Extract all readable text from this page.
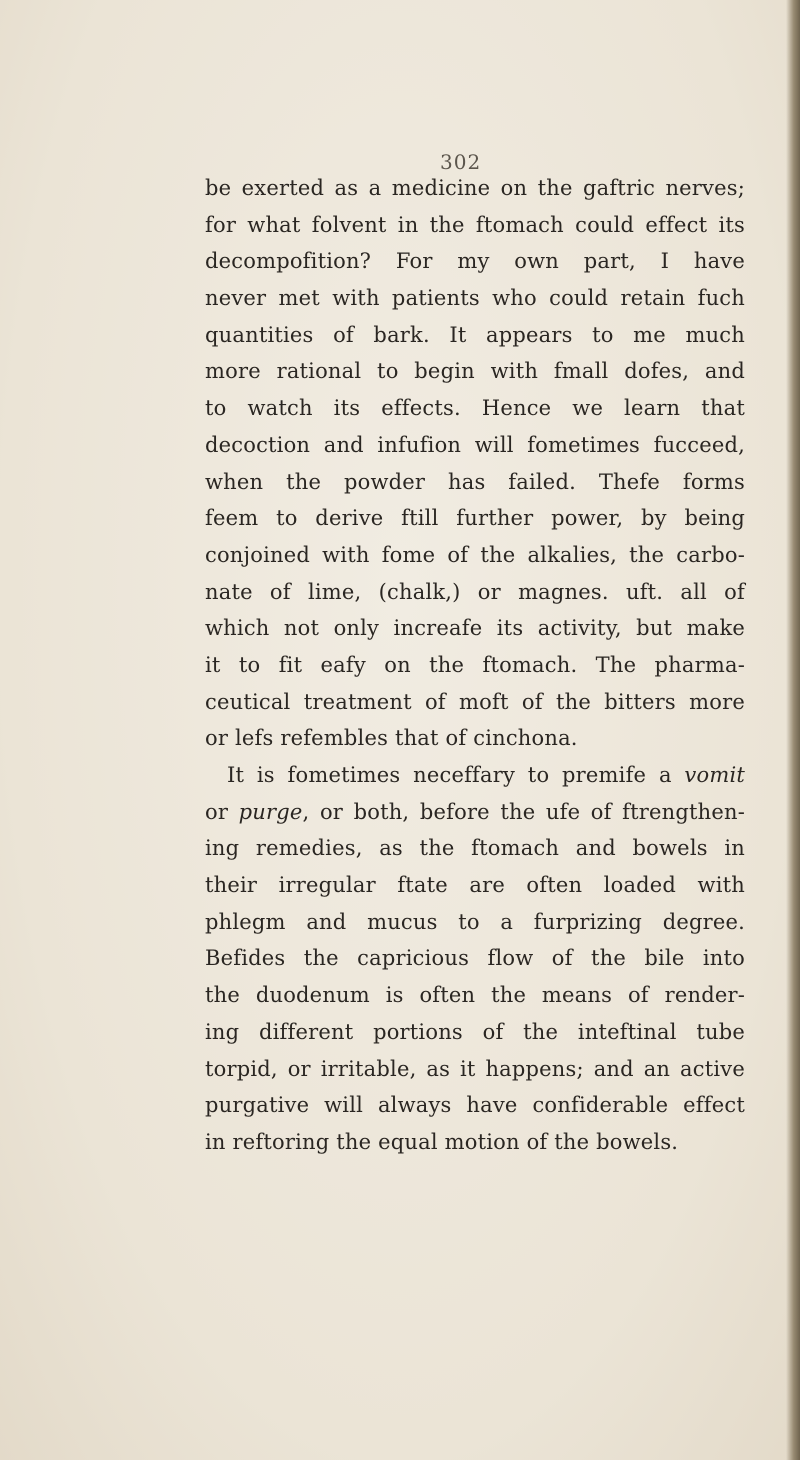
302
be exerted as a medicine on the gaftric nerves;
for what folvent in the ftomach could effect its
decompofition? For my own part, I have
never met with patients who could retain fuch
quantities of bark. It appears to me much
more rational to begin with fmall dofes, and
to watch its effects. Hence we learn that
decoction and infufion will fometimes fucceed,
when the powder has failed. Thefe forms
feem to derive ftill further power, by being
conjoined with fome of the alkalies, the carbo-
nate of lime, (chalk,) or magnes. uft. all of
which not only increafe its activity, but make
it to fit eafy on the ftomach. The pharma-
ceutical treatment of moft of the bitters more
or lefs refembles that of cinchona.
It is fometimes neceffary to premife a vomit
or purge, or both, before the ufe of ftrengthen-
ing remedies, as the ftomach and bowels in
their irregular ftate are often loaded with
phlegm and mucus to a furprizing degree.
Befides the capricious flow of the bile into
the duodenum is often the means of render-
ing different portions of the inteftinal tube
torpid, or irritable, as it happens; and an active
purgative will always have confiderable effect
in reftoring the equal motion of the bowels.
